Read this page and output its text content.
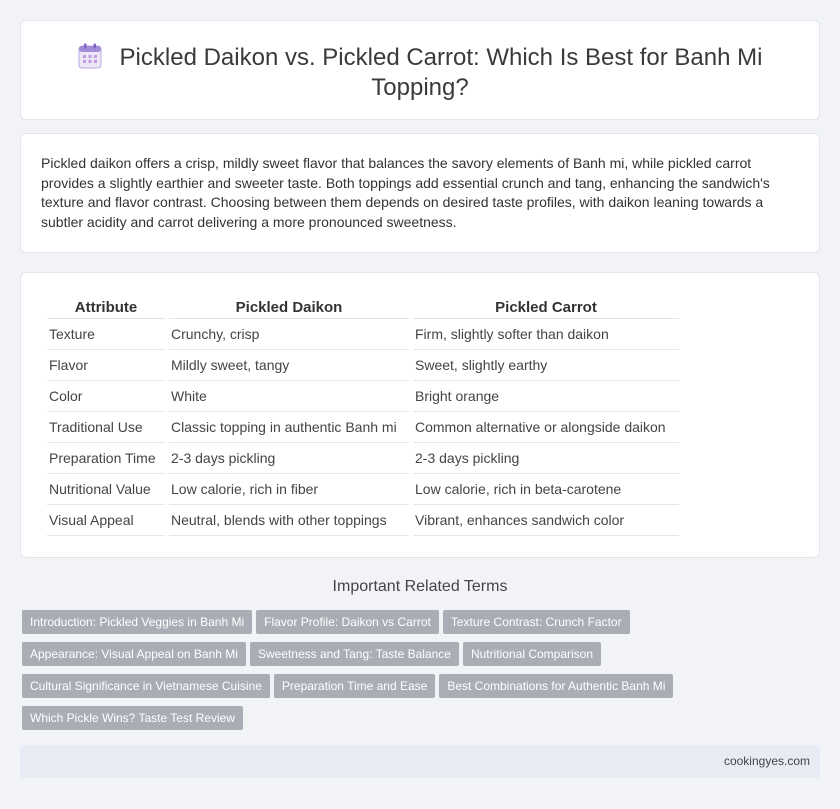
Pickled Daikon vs. Pickled Carrot: Which Is Best for Banh Mi Topping?

Pickled daikon offers a crisp, mildly sweet flavor that balances the savory elements of Banh mi, while pickled carrot provides a slightly earthier and sweeter taste. Both toppings add essential crunch and tang, enhancing the sandwich's texture and flavor contrast. Choosing between them depends on desired taste profiles, with daikon leaning towards a subtler acidity and carrot delivering a more pronounced sweetness.

Attribute	Pickled Daikon	Pickled Carrot
Texture	Crunchy, crisp	Firm, slightly softer than daikon
Flavor	Mildly sweet, tangy	Sweet, slightly earthy
Color	White	Bright orange
Traditional Use	Classic topping in authentic Banh mi	Common alternative or alongside daikon
Preparation Time	2-3 days pickling	2-3 days pickling
Nutritional Value	Low calorie, rich in fiber	Low calorie, rich in beta-carotene
Visual Appeal	Neutral, blends with other toppings	Vibrant, enhances sandwich color
Important Related Terms
Introduction: Pickled Veggies in Banh Mi Flavor Profile: Daikon vs Carrot Texture Contrast: Crunch Factor
Appearance: Visual Appeal on Banh Mi Sweetness and Tang: Taste Balance Nutritional Comparison
Cultural Significance in Vietnamese Cuisine Preparation Time and Ease Best Combinations for Authentic Banh Mi
Which Pickle Wins? Taste Test Review
cookingyes.com
